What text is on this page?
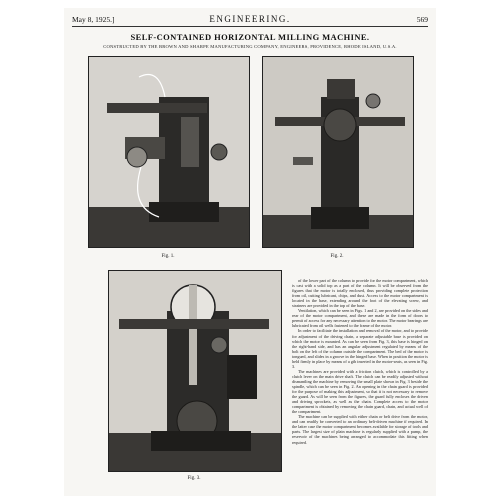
May 8, 1925.]	ENGINEERING.	569
SELF-CONTAINED HORIZONTAL MILLING MACHINE.
CONSTRUCTED BY THE BROWN AND SHARPE MANUFACTURING COMPANY, ENGINEERS, PROVIDENCE, RHODE ISLAND, U.S.A.
Fig. 1.	Fig. 2.
Fig. 3.

of the lower part of the column to provide for the motor compartment, which is cast with a solid top as a part of the column. It will be observed from the figures that the motor is totally enclosed, thus providing complete protection from oil, cutting lubricant, chips, and dust. Access to the motor compartment is located in the base, extending around the foot of the elevating screw, and strainers are provided in the top of the base.

Ventilation, which can be seen in Figs. 1 and 2, are provided on the sides and rear of the motor compartment, and these are made in the form of doors to permit of access for any necessary attention to the motor. The motor bearings are lubricated from oil wells fastened to the frame of the motor.

In order to facilitate the installation and removal of the motor, and to provide for adjustment of the driving chain, a separate adjustable base is provided on which the motor is mounted. As can be seen from Fig. 3, this base is hinged on the right-hand side, and has an angular adjustment regulated by means of the bolt on the left of the column outside the compartment. The bed of the motor is tongued, and slides in a groove in the hinged base. When in position the motor is held firmly in place by means of a gib inserted in the motor-seats, as seen in Fig. 3.

The machines are provided with a friction clutch, which is controlled by a clutch lever on the main drive shaft. The clutch can be readily adjusted without dismantling the machine by removing the small plate shown in Fig. 3 beside the spindle, which can be seen in Fig. 2. An opening in the chain guard is provided for the purpose of making this adjustment, so that it is not necessary to remove the guard. As will be seen from the figures, the guard fully encloses the driven and driving sprockets, as well as the chain. Complete access to the motor compartment is obtained by removing the chain guard, chain, and actual well of the compartment.

The machine can be supplied with either chain or belt drive from the motor, and can readily be converted to an ordinary belt-driven machine if required. In the latter case the motor compartment becomes available for storage of tools and parts. The largest size of plain machine is regularly supplied with a pump, the reservoir of the machines being arranged to accommodate this fitting when required.
